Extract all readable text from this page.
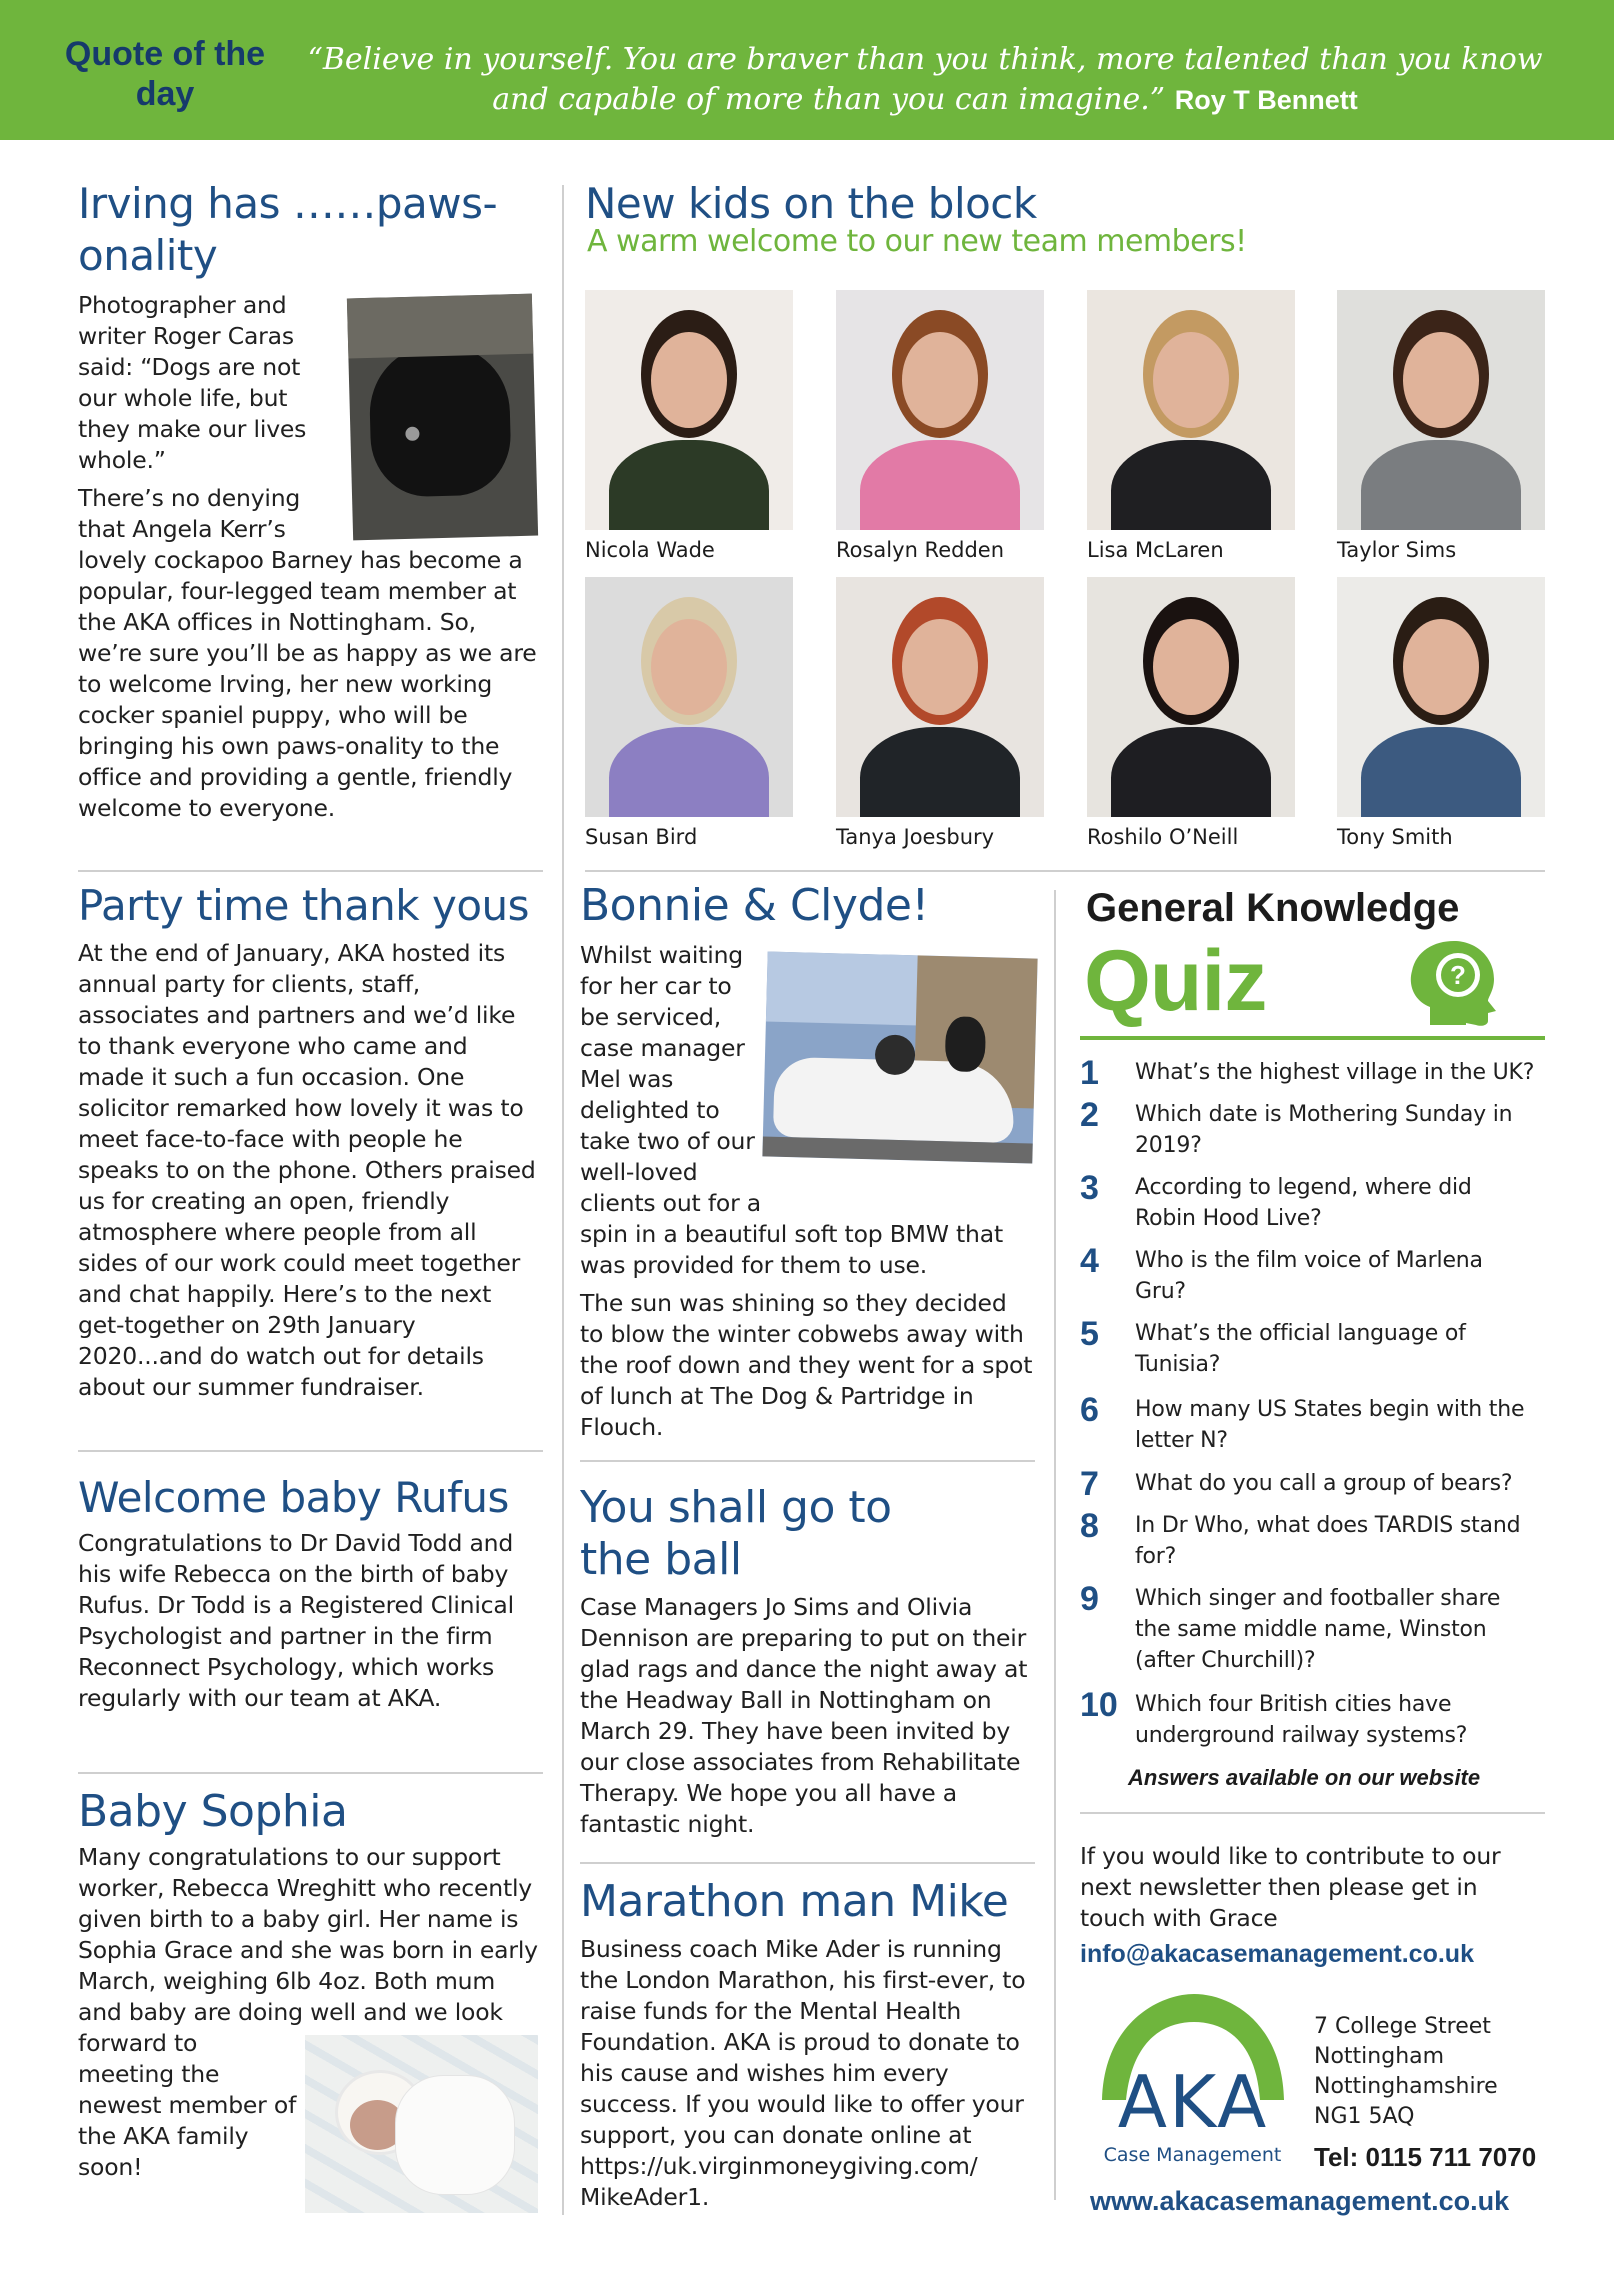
Quote of the day
“Believe in yourself. You are braver than you think, more talented than you know and capable of more than you can imagine.” Roy T Bennett
Irving has ……paws-onality

Photographer and writer Roger Caras said: “Dogs are not our whole life, but they make our lives whole.”

There’s no denying that Angela Kerr’s lovely cockapoo Barney has become a popular, four-legged team member at the AKA offices in Nottingham. So, we’re sure you’ll be as happy as we are to welcome Irving, her new working cocker spaniel puppy, who will be bringing his own paws-onality to the office and providing a gentle, friendly welcome to everyone.

New kids on the block
A warm welcome to our new team members!
Nicola Wade	Rosalyn Redden	Lisa McLaren	Taylor Sims
Susan Bird	Tanya Joesbury	Roshilo O’Neill	Tony Smith
Party time thank yous
At the end of January, AKA hosted its annual party for clients, staff, associates and partners and we’d like to thank everyone who came and made it such a fun occasion. One solicitor remarked how lovely it was to meet face-to-face with people he speaks to on the phone. Others praised us for creating an open, friendly atmosphere where people from all sides of our work could meet together and chat happily. Here’s to the next get-together on 29th January 2020...and do watch out for details about our summer fundraiser.
Bonnie & Clyde!

Whilst waiting for her car to be serviced, case manager Mel was delighted to take two of our well-loved clients out for a spin in a beautiful soft top BMW that was provided for them to use.

The sun was shining so they decided to blow the winter cobwebs away with the roof down and they went for a spot of lunch at The Dog & Partridge in Flouch.

General Knowledge
Quiz	?
1 What’s the highest village in the UK?
2 Which date is Mothering Sunday in 2019?
3 According to legend, where did Robin Hood Live?
4 Who is the film voice of Marlena Gru?
5 What’s the official language of Tunisia?
6 How many US States begin with the letter N?
7 What do you call a group of bears?
8 In Dr Who, what does TARDIS stand for?
9 Which singer and footballer share the same middle name, Winston (after Churchill)?
10 Which four British cities have underground railway systems?
Answers available on our website
Welcome baby Rufus
Congratulations to Dr David Todd and his wife Rebecca on the birth of baby Rufus. Dr Todd is a Registered Clinical Psychologist and partner in the firm Reconnect Psychology, which works regularly with our team at AKA.
You shall go to the ball
Case Managers Jo Sims and Olivia Dennison are preparing to put on their glad rags and dance the night away at the Headway Ball in Nottingham on March 29. They have been invited by our close associates from Rehabilitate Therapy. We hope you all have a fantastic night.
Baby Sophia
Many congratulations to our support worker, Rebecca Wreghitt who recently given birth to a baby girl. Her name is Sophia Grace and she was born in early March, weighing 6lb 4oz. Both mum and baby are doing well and we look forward to meeting the newest member of the AKA family soon!
Marathon man Mike
Business coach Mike Ader is running the London Marathon, his first-ever, to raise funds for the Mental Health Foundation. AKA is proud to donate to his cause and wishes him every success. If you would like to offer your support, you can donate online at https://uk.virginmoneygiving.com/ MikeAder1.
If you would like to contribute to our next newsletter then please get in touch with Grace
info@akacasemanagement.co.uk
AKA
Case Management
7 College Street
Nottingham
Nottinghamshire
NG1 5AQ
Tel: 0115 711 7070
www.akacasemanagement.co.uk
